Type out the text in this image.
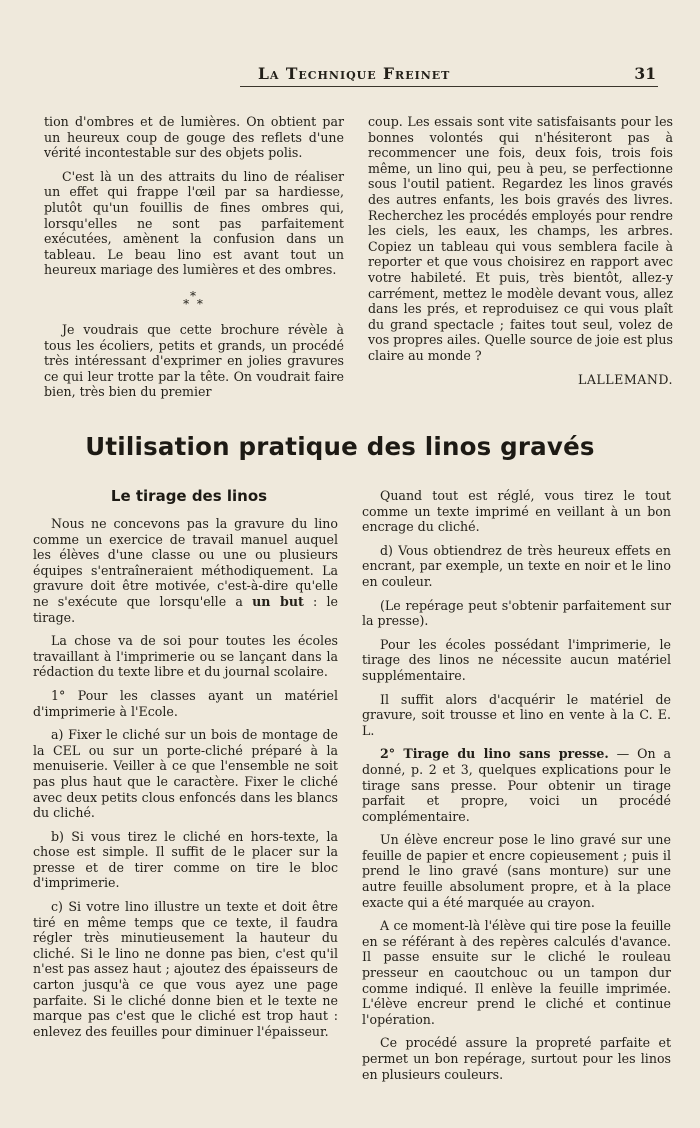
La Technique Freinet	31

tion d'ombres et de lumières. On obtient par un heureux coup de gouge des reflets d'une vérité incontestable sur des objets polis.

C'est là un des attraits du lino de réaliser un effet qui frappe l'œil par sa hardiesse, plutôt qu'un fouillis de fines ombres qui, lorsqu'elles ne sont pas parfaitement exécutées, amènent la confusion dans un tableau. Le beau lino est avant tout un heureux mariage des lumières et des ombres.

*
* *

Je voudrais que cette brochure révèle à tous les écoliers, petits et grands, un procédé très intéressant d'exprimer en jolies gravures ce qui leur trotte par la tête. On voudrait faire bien, très bien du premier

coup. Les essais sont vite satisfaisants pour les bonnes volontés qui n'hésiteront pas à recommencer une fois, deux fois, trois fois même, un lino qui, peu à peu, se perfectionne sous l'outil patient. Regardez les linos gravés des autres enfants, les bois gravés des livres. Recherchez les procédés employés pour rendre les ciels, les eaux, les champs, les arbres. Copiez un tableau qui vous semblera facile à reporter et que vous choisirez en rapport avec votre habileté. Et puis, très bientôt, allez-y carrément, mettez le modèle devant vous, allez dans les prés, et reproduisez ce qui vous plaît du grand spectacle ; faites tout seul, volez de vos propres ailes. Quelle source de joie est plus claire au monde ?

LALLEMAND.

Utilisation pratique des linos gravés
Le tirage des linos

Nous ne concevons pas la gravure du lino comme un exercice de travail manuel auquel les élèves d'une classe ou une ou plusieurs équipes s'entraîneraient méthodiquement. La gravure doit être motivée, c'est-à-dire qu'elle ne s'exécute que lorsqu'elle a un but : le tirage.

La chose va de soi pour toutes les écoles travaillant à l'imprimerie ou se lançant dans la rédaction du texte libre et du journal scolaire.

1° Pour les classes ayant un matériel d'imprimerie à l'Ecole.

a) Fixer le cliché sur un bois de montage de la CEL ou sur un porte-cliché préparé à la menuiserie. Veiller à ce que l'ensemble ne soit pas plus haut que le caractère. Fixer le cliché avec deux petits clous enfoncés dans les blancs du cliché.

b) Si vous tirez le cliché en hors-texte, la chose est simple. Il suffit de le placer sur la presse et de tirer comme on tire le bloc d'imprimerie.

c) Si votre lino illustre un texte et doit être tiré en même temps que ce texte, il faudra régler très minutieusement la hauteur du cliché. Si le lino ne donne pas bien, c'est qu'il n'est pas assez haut ; ajoutez des épaisseurs de carton jusqu'à ce que vous ayez une page parfaite. Si le cliché donne bien et le texte ne marque pas c'est que le cliché est trop haut : enlevez des feuilles pour diminuer l'épaisseur.

Quand tout est réglé, vous tirez le tout comme un texte imprimé en veillant à un bon encrage du cliché.

d) Vous obtiendrez de très heureux effets en encrant, par exemple, un texte en noir et le lino en couleur.

(Le repérage peut s'obtenir parfaitement sur la presse).

Pour les écoles possédant l'imprimerie, le tirage des linos ne nécessite aucun matériel supplémentaire.

Il suffit alors d'acquérir le matériel de gravure, soit trousse et lino en vente à la C. E. L.

2° Tirage du lino sans presse. — On a donné, p. 2 et 3, quelques explications pour le tirage sans presse. Pour obtenir un tirage parfait et propre, voici un procédé complémentaire.

Un élève encreur pose le lino gravé sur une feuille de papier et encre copieusement ; puis il prend le lino gravé (sans monture) sur une autre feuille absolument propre, et à la place exacte qui a été marquée au crayon.

A ce moment-là l'élève qui tire pose la feuille en se référant à des repères calculés d'avance. Il passe ensuite sur le cliché le rouleau presseur en caoutchouc ou un tampon dur comme indiqué. Il enlève la feuille imprimée. L'élève encreur prend le cliché et continue l'opération.

Ce procédé assure la propreté parfaite et permet un bon repérage, surtout pour les linos en plusieurs couleurs.
